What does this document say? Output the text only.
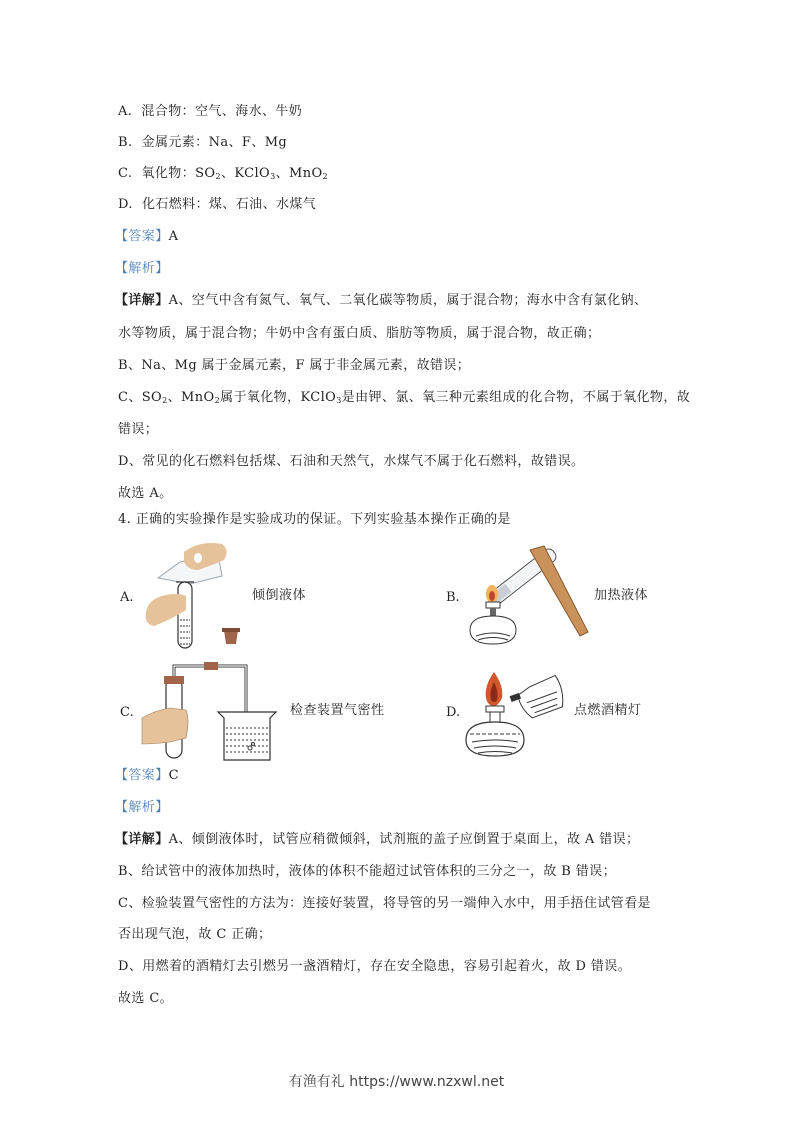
A. 混合物：空气、海水、牛奶
B. 金属元素：Na、F、Mg
C. 氧化物：$SO_2$、KClO$_3$、MnO$_2$
D. 化石燃料：煤、石油、水煤气
【答案】A
【解析】
【详解】A、空气中含有氮气、氧气、二氧化碳等物质，属于混合物；海水中含有氯化钠、
水等物质，属于混合物；牛奶中含有蛋白质、脂肪等物质，属于混合物，故正确；
B、Na、Mg 属于金属元素，F 属于非金属元素，故错误；
C、$SO_2$、MnO$_2$属于氧化物，KClO$_3$是由钾、氯、氧三种元素组成的化合物，不属于氧化物，故
错误；
D、常见的化石燃料包括煤、石油和天然气，水煤气不属于化石燃料，故错误。
故选 A。
4. 正确的实验操作是实验成功的保证。下列实验基本操作正确的是
A.	倾倒液体	B.	加热液体
C.	检查装置气密性	D.	点燃酒精灯
【答案】C
【解析】
【详解】A、倾倒液体时，试管应稍微倾斜，试剂瓶的盖子应倒置于桌面上，故 A 错误；
B、给试管中的液体加热时，液体的体积不能超过试管体积的三分之一，故 B 错误；
C、检验装置气密性的方法为：连接好装置，将导管的另一端伸入水中，用手捂住试管看是
否出现气泡，故 C 正确；
D、用燃着的酒精灯去引燃另一盏酒精灯，存在安全隐患，容易引起着火，故 D 错误。
故选 C。
有渔有礼 https://www.nzxwl.net
